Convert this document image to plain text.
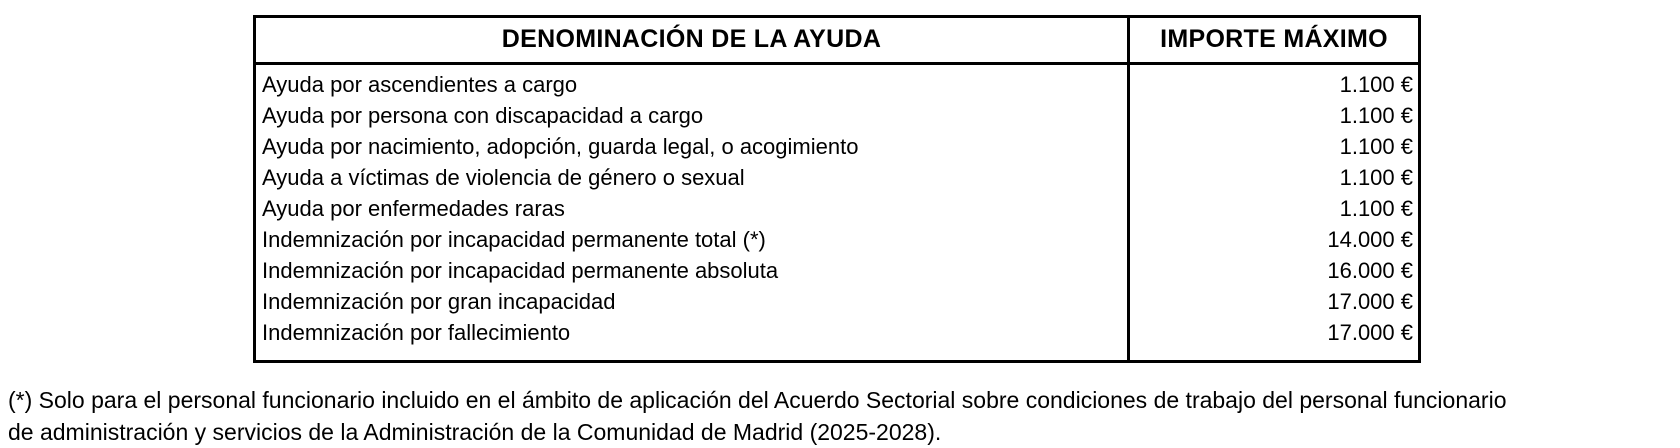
DENOMINACIÓN DE LA AYUDA	IMPORTE MÁXIMO
Ayuda por ascendientes a cargo	1.100 €
Ayuda por persona con discapacidad a cargo	1.100 €
Ayuda por nacimiento, adopción, guarda legal, o acogimiento	1.100 €
Ayuda a víctimas de violencia de género o sexual	1.100 €
Ayuda por enfermedades raras	1.100 €
Indemnización por incapacidad permanente total (*)	14.000 €
Indemnización por incapacidad permanente absoluta	16.000 €
Indemnización por gran incapacidad	17.000 €
Indemnización por fallecimiento	17.000 €

(*) Solo para el personal funcionario incluido en el ámbito de aplicación del Acuerdo Sectorial sobre condiciones de trabajo del personal funcionario
de administración y servicios de la Administración de la Comunidad de Madrid (2025-2028).
